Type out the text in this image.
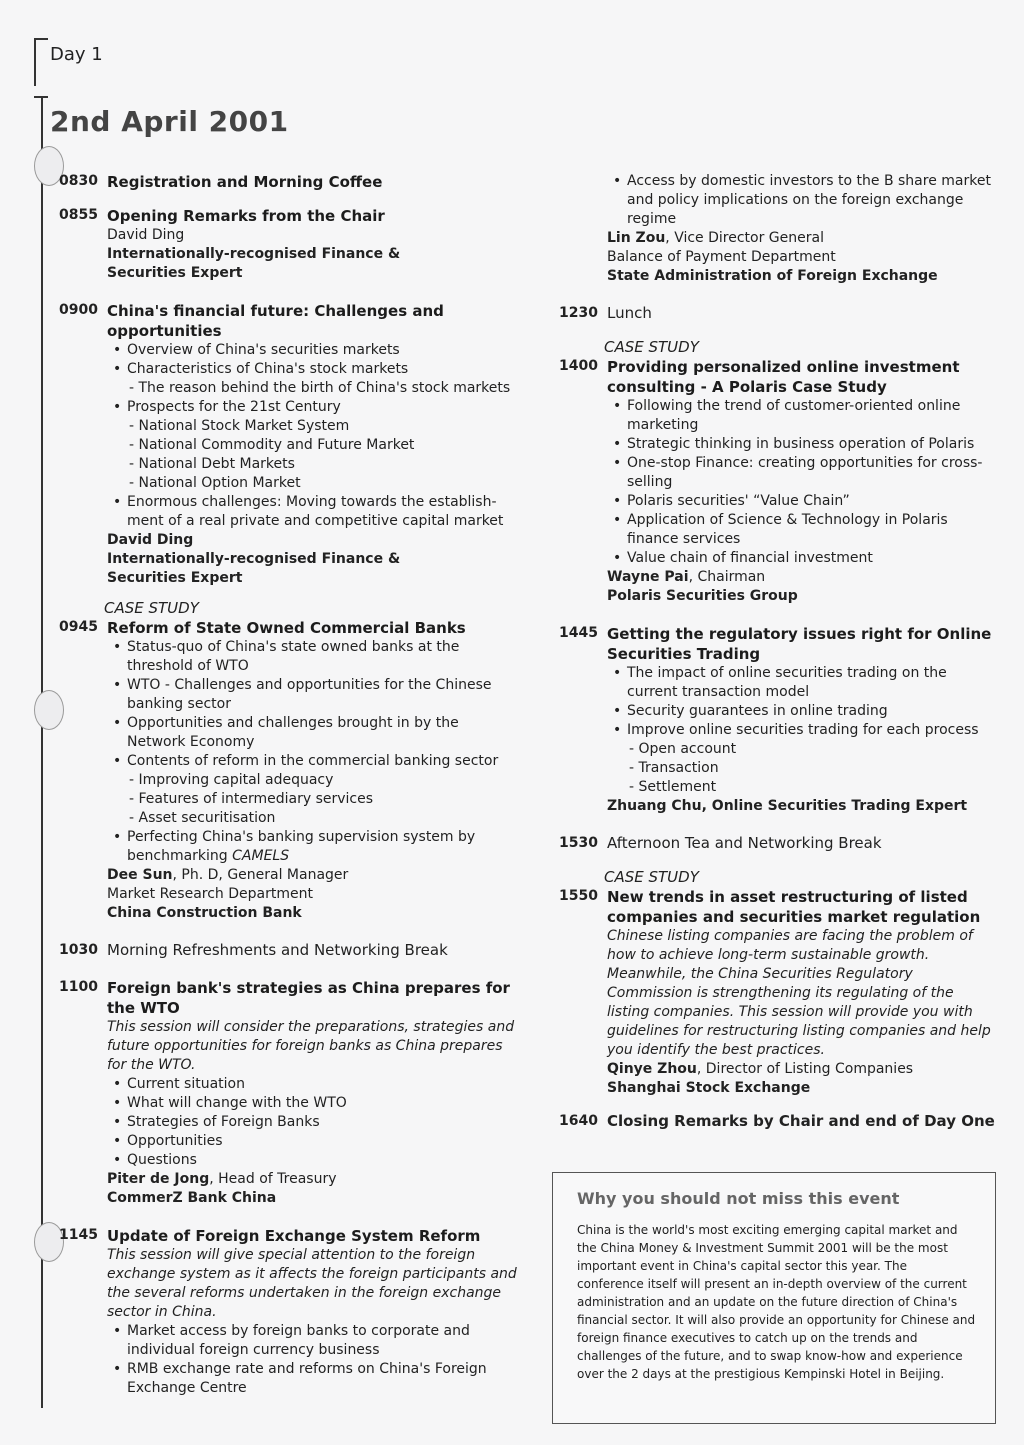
Day 1
2nd April 2001
0830 Registration and Morning Coffee
0855 Opening Remarks from the Chair
David Ding
Internationally-recognised Finance & Securities Expert
0900 China's financial future: Challenges and opportunities
• Overview of China's securities markets
• Characteristics of China's stock markets
- The reason behind the birth of China's stock markets
• Prospects for the 21st Century
- National Stock Market System
- National Commodity and Future Market
- National Debt Markets
- National Option Market
• Enormous challenges: Moving towards the establish-ment of a real private and competitive capital market
David Ding
Internationally-recognised Finance & Securities Expert
CASE STUDY
0945 Reform of State Owned Commercial Banks
• Status-quo of China's state owned banks at the threshold of WTO
• WTO - Challenges and opportunities for the Chinese banking sector
• Opportunities and challenges brought in by the Network Economy
• Contents of reform in the commercial banking sector
- Improving capital adequacy
- Features of intermediary services
- Asset securitisation
• Perfecting China's banking supervision system by benchmarking CAMELS
Dee Sun, Ph. D, General Manager
Market Research Department
China Construction Bank
1030 Morning Refreshments and Networking Break
1100 Foreign bank's strategies as China prepares for the WTO
This session will consider the preparations, strategies and future opportunities for foreign banks as China prepares for the WTO.
• Current situation
• What will change with the WTO
• Strategies of Foreign Banks
• Opportunities
• Questions
Piter de Jong, Head of Treasury
CommerZ Bank China
1145 Update of Foreign Exchange System Reform
This session will give special attention to the foreign exchange system as it affects the foreign participants and the several reforms undertaken in the foreign exchange sector in China.
• Market access by foreign banks to corporate and individual foreign currency business
• RMB exchange rate and reforms on China's Foreign Exchange Centre
• Access by domestic investors to the B share market and policy implications on the foreign exchange regime
Lin Zou, Vice Director General
Balance of Payment Department
State Administration of Foreign Exchange
1230 Lunch
CASE STUDY
1400 Providing personalized online investment consulting - A Polaris Case Study
• Following the trend of customer-oriented online marketing
• Strategic thinking in business operation of Polaris
• One-stop Finance: creating opportunities for cross-selling
• Polaris securities' “Value Chain”
• Application of Science & Technology in Polaris finance services
• Value chain of financial investment
Wayne Pai, Chairman
Polaris Securities Group
1445 Getting the regulatory issues right for Online Securities Trading
• The impact of online securities trading on the current transaction model
• Security guarantees in online trading
• Improve online securities trading for each process
- Open account
- Transaction
- Settlement
Zhuang Chu, Online Securities Trading Expert
1530 Afternoon Tea and Networking Break
CASE STUDY
1550 New trends in asset restructuring of listed companies and securities market regulation
Chinese listing companies are facing the problem of how to achieve long-term sustainable growth. Meanwhile, the China Securities Regulatory Commission is strengthening its regulating of the listing companies. This session will provide you with guidelines for restructuring listing companies and help you identify the best practices.
Qinye Zhou, Director of Listing Companies
Shanghai Stock Exchange
1640 Closing Remarks by Chair and end of Day One
Why you should not miss this event
China is the world's most exciting emerging capital market and the China Money & Investment Summit 2001 will be the most important event in China's capital sector this year. The conference itself will present an in-depth overview of the current administration and an update on the future direction of China's financial sector. It will also provide an opportunity for Chinese and foreign finance executives to catch up on the trends and challenges of the future, and to swap know-how and experience over the 2 days at the prestigious Kempinski Hotel in Beijing.
